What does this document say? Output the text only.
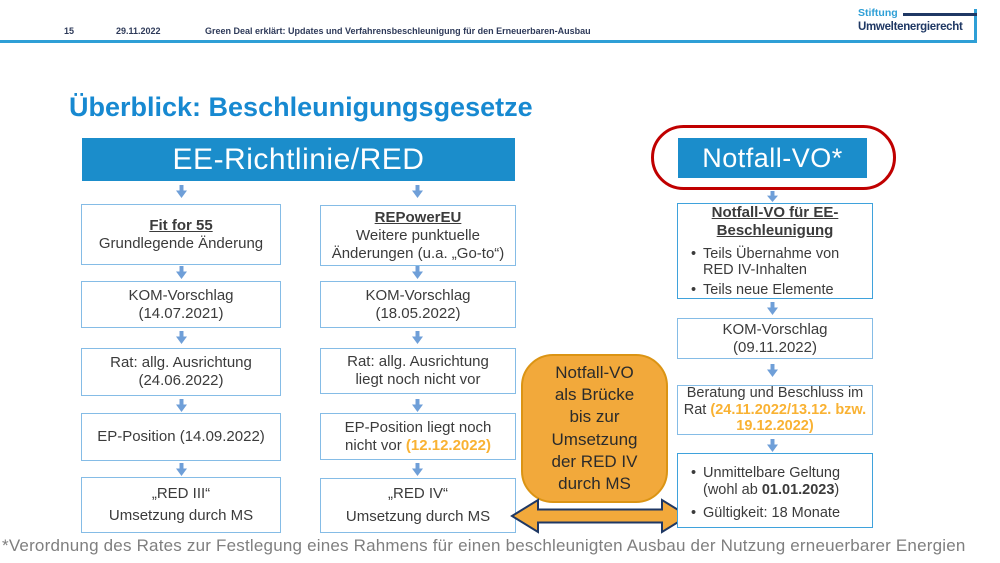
15	29.11.2022	Green Deal erklärt: Updates und Verfahrensbeschleunigung für den Erneuerbaren-Ausbau
Stiftung
Umweltenergierecht
Überblick: Beschleunigungsgesetze
EE-Richtlinie/RED	Notfall-VO*
Fit for 55
Grundlegende Änderung
KOM-Vorschlag
(14.07.2021)
Rat: allg. Ausrichtung
(24.06.2022)
EP-Position (14.09.2022)
„RED III“
Umsetzung durch MS
REPowerEU
Weitere punktuelle Änderungen (u.a. „Go-to“)
KOM-Vorschlag
(18.05.2022)
Rat: allg. Ausrichtung
liegt noch nicht vor
EP-Position liegt noch
nicht vor (12.12.2022)
„RED IV“
Umsetzung durch MS
Notfall-VO
als Brücke
bis zur
Umsetzung
der RED IV
durch MS
Notfall-VO für EE-Beschleunigung
• Teils Übernahme von RED IV-Inhalten
• Teils neue Elemente
KOM-Vorschlag
(09.11.2022)
Beratung und Beschluss im Rat (24.11.2022/13.12. bzw. 19.12.2022)
• Unmittelbare Geltung (wohl ab 01.01.2023)
• Gültigkeit: 18 Monate
*Verordnung des Rates zur Festlegung eines Rahmens für einen beschleunigten Ausbau der Nutzung erneuerbarer Energien
